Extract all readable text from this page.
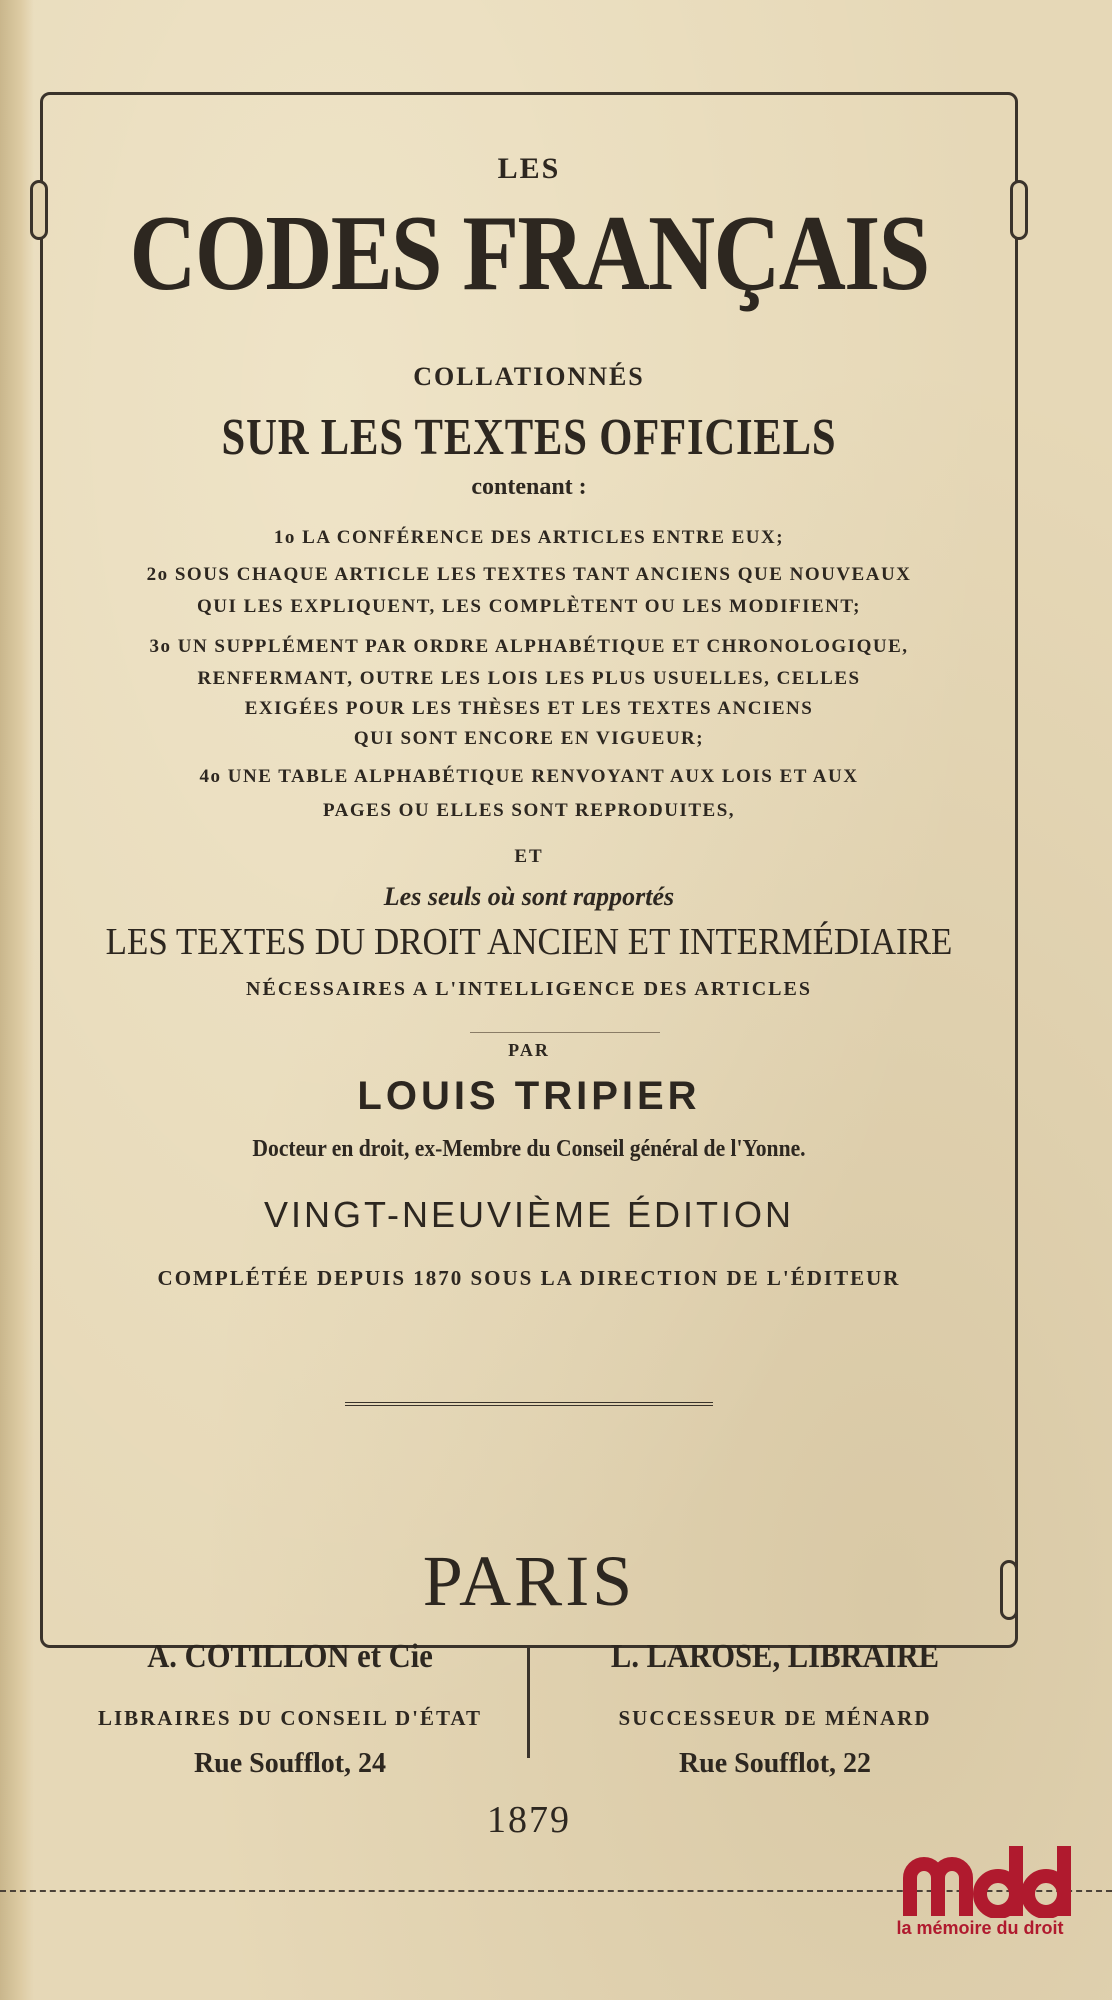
LES
CODES FRANÇAIS
COLLATIONNÉS
SUR LES TEXTES OFFICIELS
contenant :
1o LA CONFÉRENCE DES ARTICLES ENTRE EUX;
2o SOUS CHAQUE ARTICLE LES TEXTES TANT ANCIENS QUE NOUVEAUX
QUI LES EXPLIQUENT, LES COMPLÈTENT OU LES MODIFIENT;
3o UN SUPPLÉMENT PAR ORDRE ALPHABÉTIQUE ET CHRONOLOGIQUE,
RENFERMANT, OUTRE LES LOIS LES PLUS USUELLES, CELLES
EXIGÉES POUR LES THÈSES ET LES TEXTES ANCIENS
QUI SONT ENCORE EN VIGUEUR;
4o UNE TABLE ALPHABÉTIQUE RENVOYANT AUX LOIS ET AUX
PAGES OU ELLES SONT REPRODUITES,
ET
Les seuls où sont rapportés
LES TEXTES DU DROIT ANCIEN ET INTERMÉDIAIRE
NÉCESSAIRES A L'INTELLIGENCE DES ARTICLES
PAR
LOUIS TRIPIER
Docteur en droit, ex-Membre du Conseil général de l'Yonne.
VINGT-NEUVIÈME ÉDITION
COMPLÉTÉE DEPUIS 1870 SOUS LA DIRECTION DE L'ÉDITEUR
PARIS
A. COTILLON et Cie
LIBRAIRES DU CONSEIL D'ÉTAT
Rue Soufflot, 24
L. LAROSE, LIBRAIRE
SUCCESSEUR DE MÉNARD
Rue Soufflot, 22
1879
la mémoire du droit
